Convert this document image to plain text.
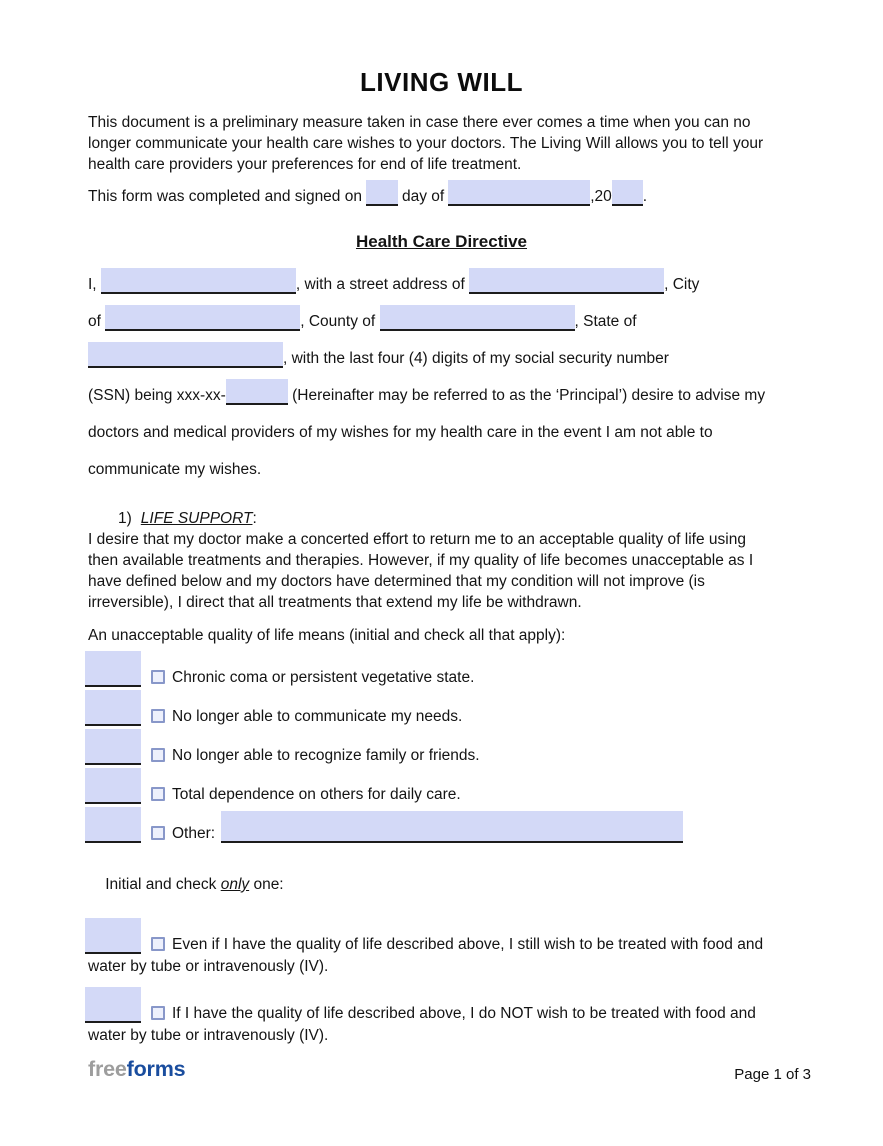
LIVING WILL
This document is a preliminary measure taken in case there ever comes a time when you can no
longer communicate your health care wishes to your doctors. The Living Will allows you to tell your
health care providers your preferences for end of life treatment.
This form was completed and signed on	day of	,20 .
Health Care Directive
I,	, with a street address of	, City
of	, County of	, State of
, with the last four (4) digits of my social security number
(SSN) being xxx-xx-	(Hereinafter may be referred to as the ‘Principal’) desire to advise my
doctors and medical providers of my wishes for my health care in the event I am not able to
communicate my wishes.
1) LIFE SUPPORT:
I desire that my doctor make a concerted effort to return me to an acceptable quality of life using
then available treatments and therapies. However, if my quality of life becomes unacceptable as I
have defined below and my doctors have determined that my condition will not improve (is
irreversible), I direct that all treatments that extend my life be withdrawn.
An unacceptable quality of life means (initial and check all that apply):
Chronic coma or persistent vegetative state.
No longer able to communicate my needs.
No longer able to recognize family or friends.
Total dependence on others for daily care.
Other:

Initial and check only one:

Even if I have the quality of life described above, I still wish to be treated with food and
water by tube or intravenously (IV).
If I have the quality of life described above, I do NOT wish to be treated with food and
water by tube or intravenously (IV).
freeforms	Page 1 of 3
